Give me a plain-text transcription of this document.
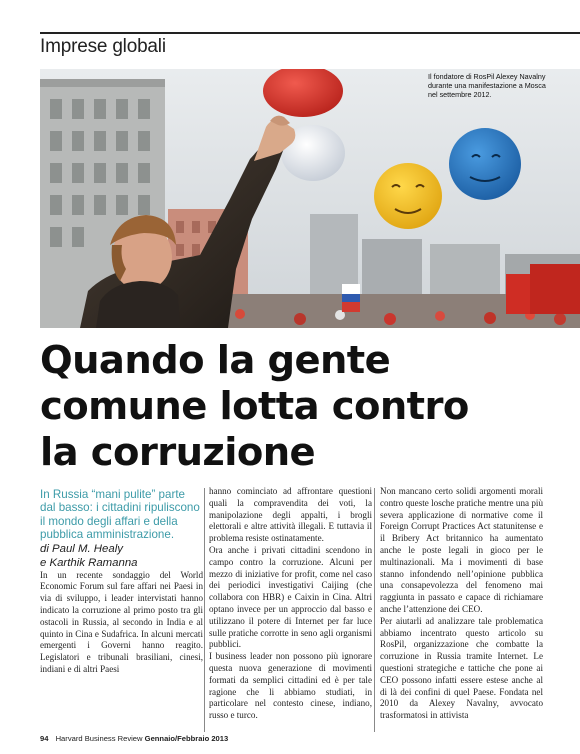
Imprese globali
Il fondatore di RosPil Alexey Navalny durante una manifestazione a Mosca nel settembre 2012.
Quando la gente
comune lotta contro
la corruzione

In Russia “mani pulite” parte dal basso: i cittadini ripuliscono il mondo degli affari e della pubblica amministrazione.

di Paul M. Healy
e Karthik Ramanna

In un recente sondaggio del World Economic Forum sul fare affari nei Paesi in via di sviluppo, i leader intervistati hanno indicato la corruzione al primo posto tra gli ostacoli in Russia, al secondo in India e al quinto in Cina e Sudafrica. In alcuni mercati emergenti i Governi hanno reagito. Legislatori e tribunali brasiliani, cinesi, indiani e di altri Paesi

hanno cominciato ad affrontare questioni quali la compravendita dei voti, la manipolazione degli appalti, i brogli elettorali e altre attività illegali. E tuttavia il problema resiste ostinatamente.

Ora anche i privati cittadini scendono in campo contro la corruzione. Alcuni per mezzo di iniziative for profit, come nel caso dei periodici investigativi Caijing (che collabora con HBR) e Caixin in Cina. Altri optano invece per un approccio dal basso e utilizzano il potere di Internet per far luce sulle pratiche corrotte in seno agli organismi pubblici.

I business leader non possono più ignorare questa nuova generazione di movimenti formati da semplici cittadini ed è per tale ragione che li abbiamo studiati, in particolare nel contesto cinese, indiano, russo e turco.

Non mancano certo solidi argomenti morali contro queste losche pratiche mentre una più severa applicazione di normative come il Foreign Corrupt Practices Act statunitense e il Bribery Act britannico ha aumentato anche le poste legali in gioco per le multinazionali. Ma i movimenti di base stanno infondendo nell’opinione pubblica una consapevolezza del fenomeno mai raggiunta in passato e capace di richiamare anche l’attenzione dei CEO.

Per aiutarli ad analizzare tale problematica abbiamo incentrato questo articolo su RosPil, organizzazione che combatte la corruzione in Russia tramite Internet. Le questioni strategiche e tattiche che pone ai CEO possono infatti essere estese anche al di là dei confini di quel Paese. Fondata nel 2010 da Alexey Navalny, avvocato trasformatosi in attivista

94 Harvard Business Review Gennaio/Febbraio 2013
